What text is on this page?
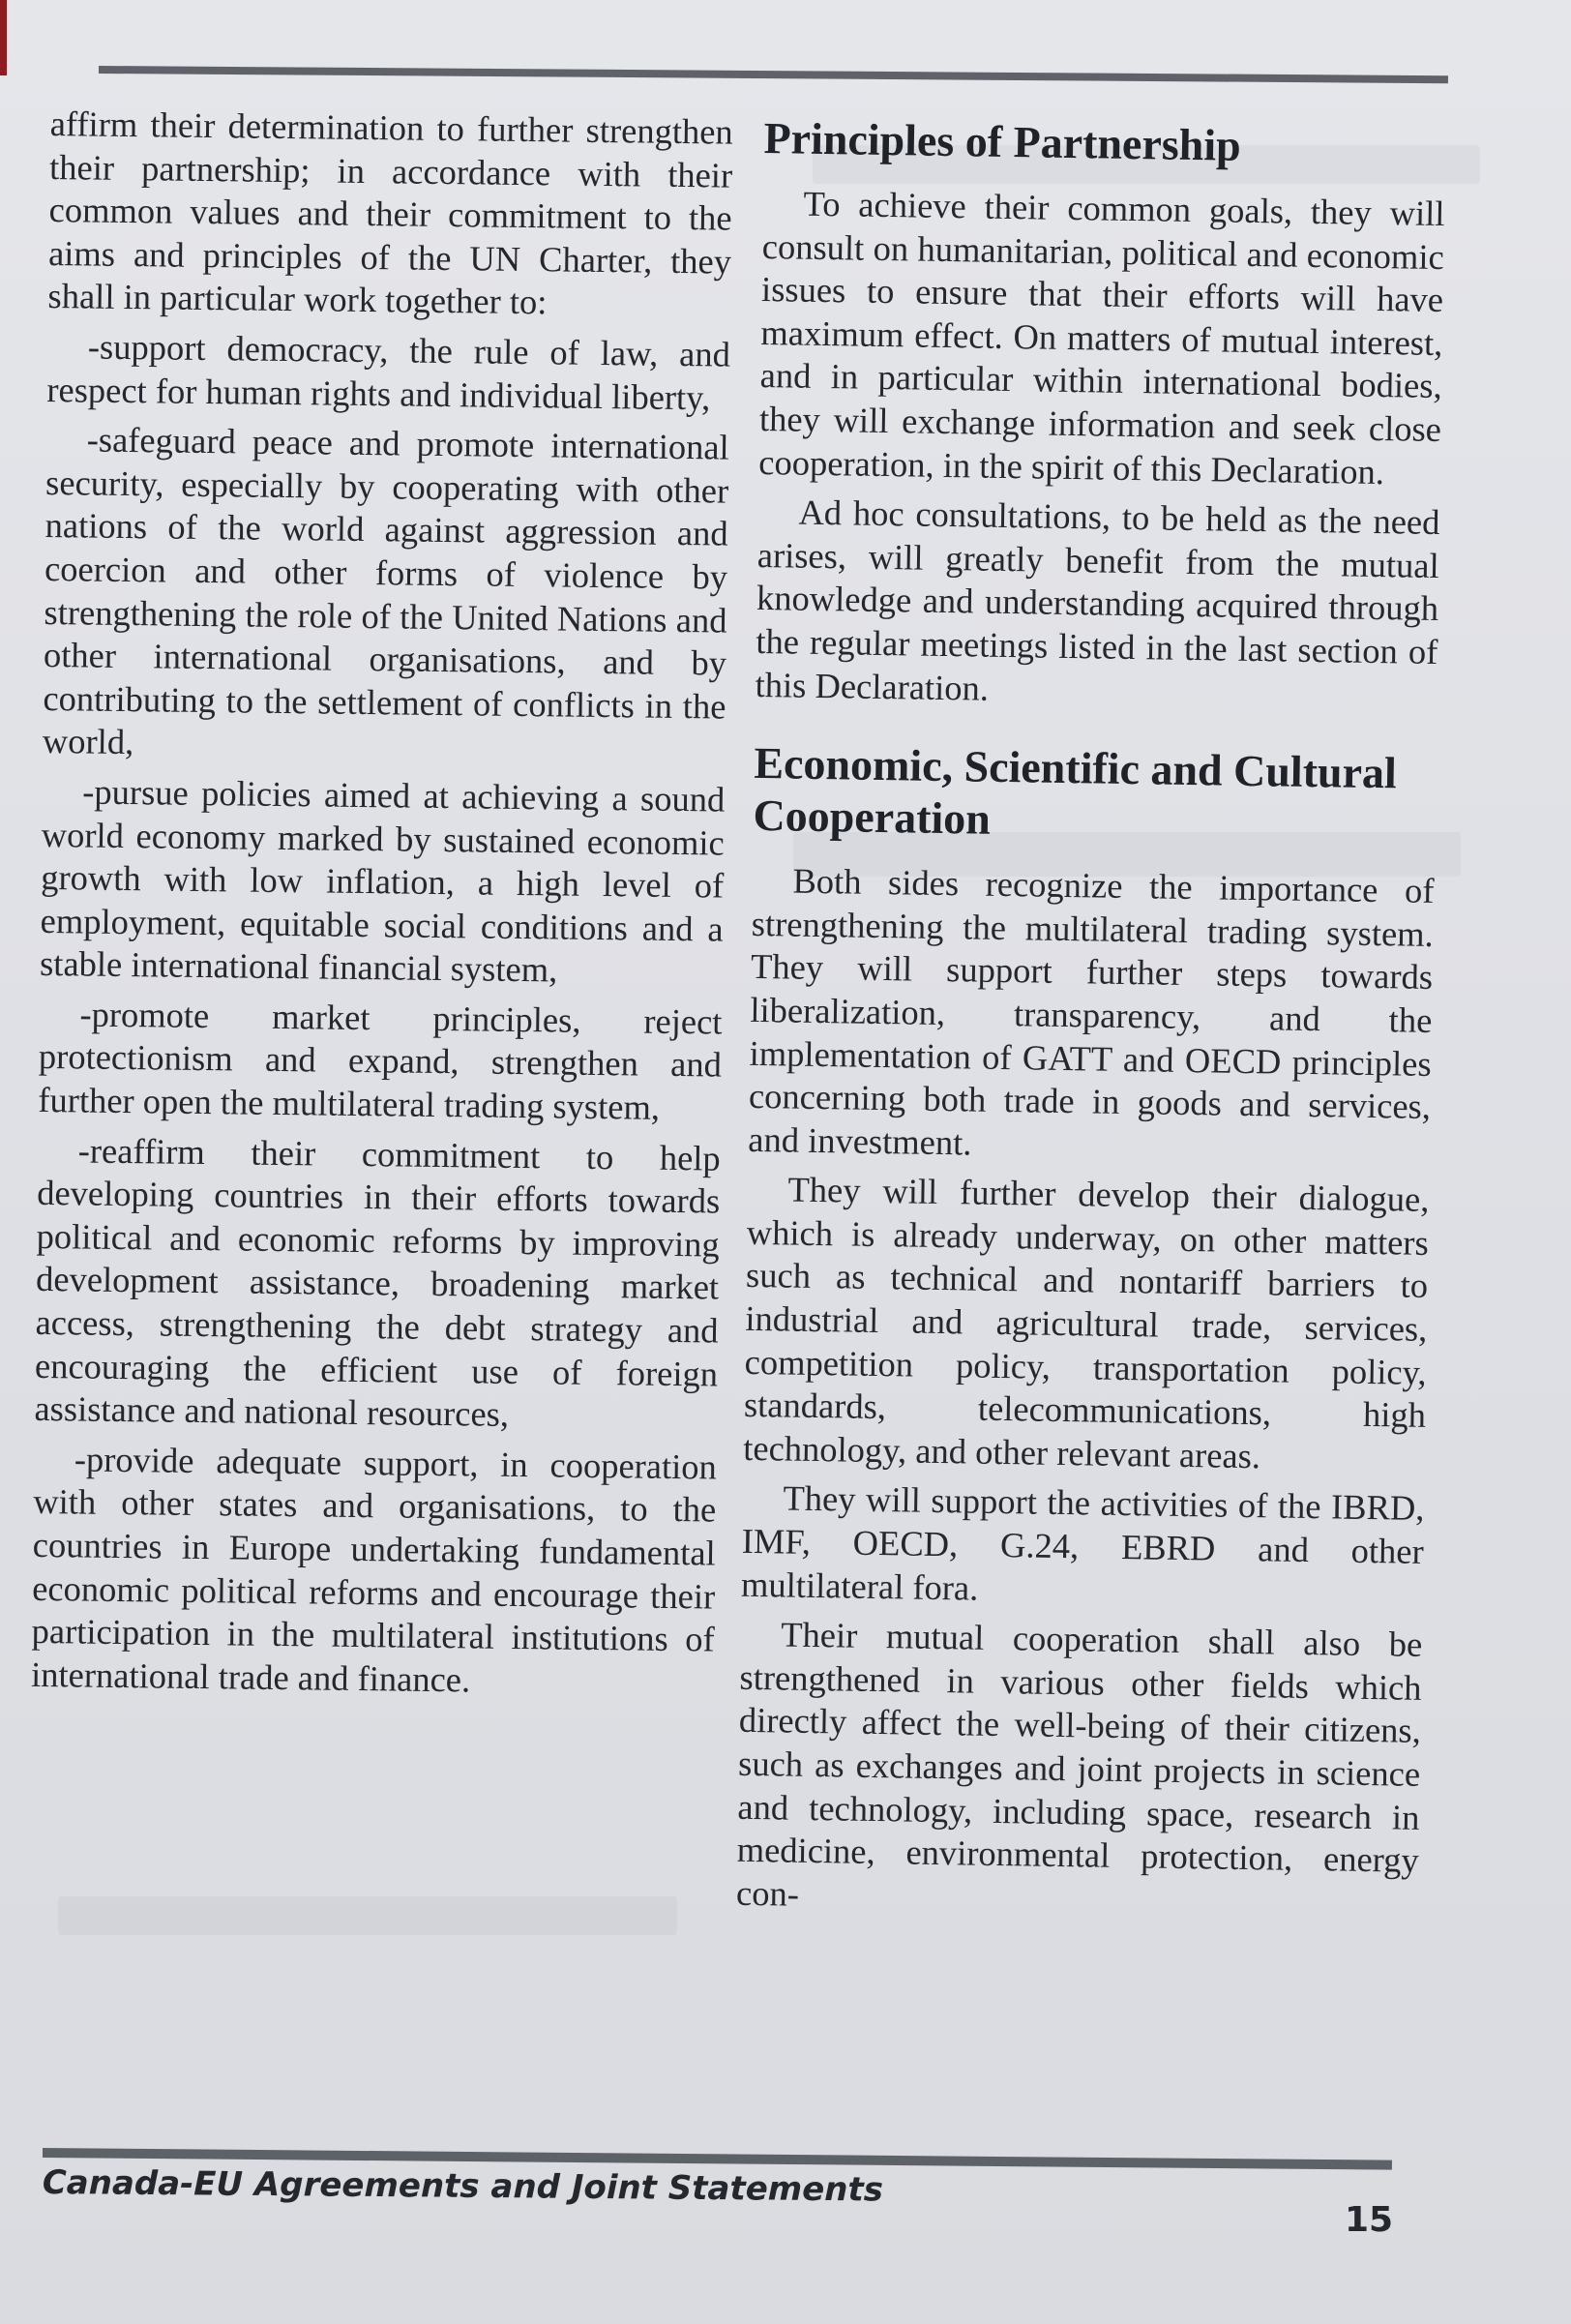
affirm their determination to further strengthen their partnership; in accordance with their common values and their commitment to the aims and principles of the UN Charter, they shall in particular work together to:

-support democracy, the rule of law, and respect for human rights and individual liberty,

-safeguard peace and promote international security, especially by cooperating with other nations of the world against aggression and coercion and other forms of violence by strengthening the role of the United Nations and other international organisations, and by contributing to the settlement of conflicts in the world,

-pursue policies aimed at achieving a sound world economy marked by sustained economic growth with low inflation, a high level of employment, equitable social conditions and a stable international financial system,

-promote market principles, reject protectionism and expand, strengthen and further open the multilateral trading system,

-reaffirm their commitment to help developing countries in their efforts towards political and economic reforms by improving development assistance, broadening market access, strengthening the debt strategy and encouraging the efficient use of foreign assistance and national resources,

-provide adequate support, in cooperation with other states and organisations, to the countries in Europe undertaking fundamental economic political reforms and encourage their participation in the multilateral institutions of international trade and finance.

Principles of Partnership

To achieve their common goals, they will consult on humanitarian, political and economic issues to ensure that their efforts will have maximum effect. On matters of mutual interest, and in particular within international bodies, they will exchange information and seek close cooperation, in the spirit of this Declaration.

Ad hoc consultations, to be held as the need arises, will greatly benefit from the mutual knowledge and understanding acquired through the regular meetings listed in the last section of this Declaration.

Economic, Scientific and Cultural Cooperation

Both sides recognize the importance of strengthening the multilateral trading system. They will support further steps towards liberalization, transparency, and the implementation of GATT and OECD principles concerning both trade in goods and services, and investment.

They will further develop their dialogue, which is already underway, on other matters such as technical and nontariff barriers to industrial and agricultural trade, services, competition policy, transportation policy, standards, telecommunications, high technology, and other relevant areas.

They will support the activities of the IBRD, IMF, OECD, G.24, EBRD and other multilateral fora.

Their mutual cooperation shall also be strengthened in various other fields which directly affect the well-being of their citizens, such as exchanges and joint projects in science and technology, including space, research in medicine, environmental protection, energy con-

Canada-EU Agreements and Joint Statements
15
